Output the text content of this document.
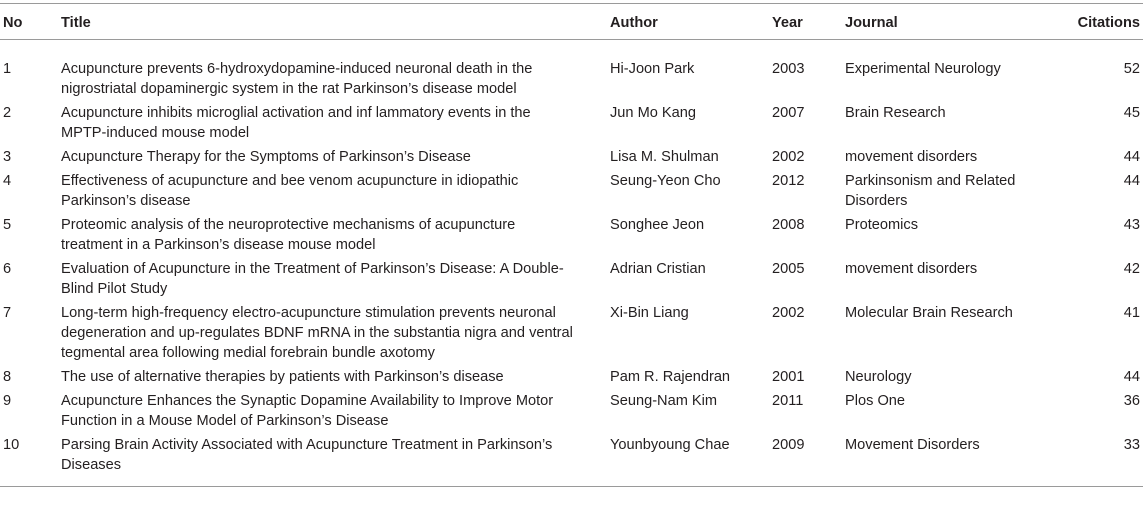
No	Title	Author	Year	Journal	Citations
1	Acupuncture prevents 6-hydroxydopamine-induced neuronal death in the nigrostriatal dopaminergic system in the rat Parkinson’s disease model	Hi-Joon Park	2003	Experimental Neurology	52
2	Acupuncture inhibits microglial activation and inf lammatory events in the MPTP-induced mouse model	Jun Mo Kang	2007	Brain Research	45
3	Acupuncture Therapy for the Symptoms of Parkinson’s Disease	Lisa M. Shulman	2002	movement disorders	44
4	Effectiveness of acupuncture and bee venom acupuncture in idiopathic Parkinson’s disease	Seung-Yeon Cho	2012	Parkinsonism and Related Disorders	44
5	Proteomic analysis of the neuroprotective mechanisms of acupuncture treatment in a Parkinson’s disease mouse model	Songhee Jeon	2008	Proteomics	43
6	Evaluation of Acupuncture in the Treatment of Parkinson’s Disease: A Double-Blind Pilot Study	Adrian Cristian	2005	movement disorders	42
7	Long-term high-frequency electro-acupuncture stimulation prevents neuronal degeneration and up-regulates BDNF mRNA in the substantia nigra and ventral tegmental area following medial forebrain bundle axotomy	Xi-Bin Liang	2002	Molecular Brain Research	41
8	The use of alternative therapies by patients with Parkinson’s disease	Pam R. Rajendran	2001	Neurology	44
9	Acupuncture Enhances the Synaptic Dopamine Availability to Improve Motor Function in a Mouse Model of Parkinson’s Disease	Seung-Nam Kim	2011	Plos One	36
10	Parsing Brain Activity Associated with Acupuncture Treatment in Parkinson’s Diseases	Younbyoung Chae	2009	Movement Disorders	33
